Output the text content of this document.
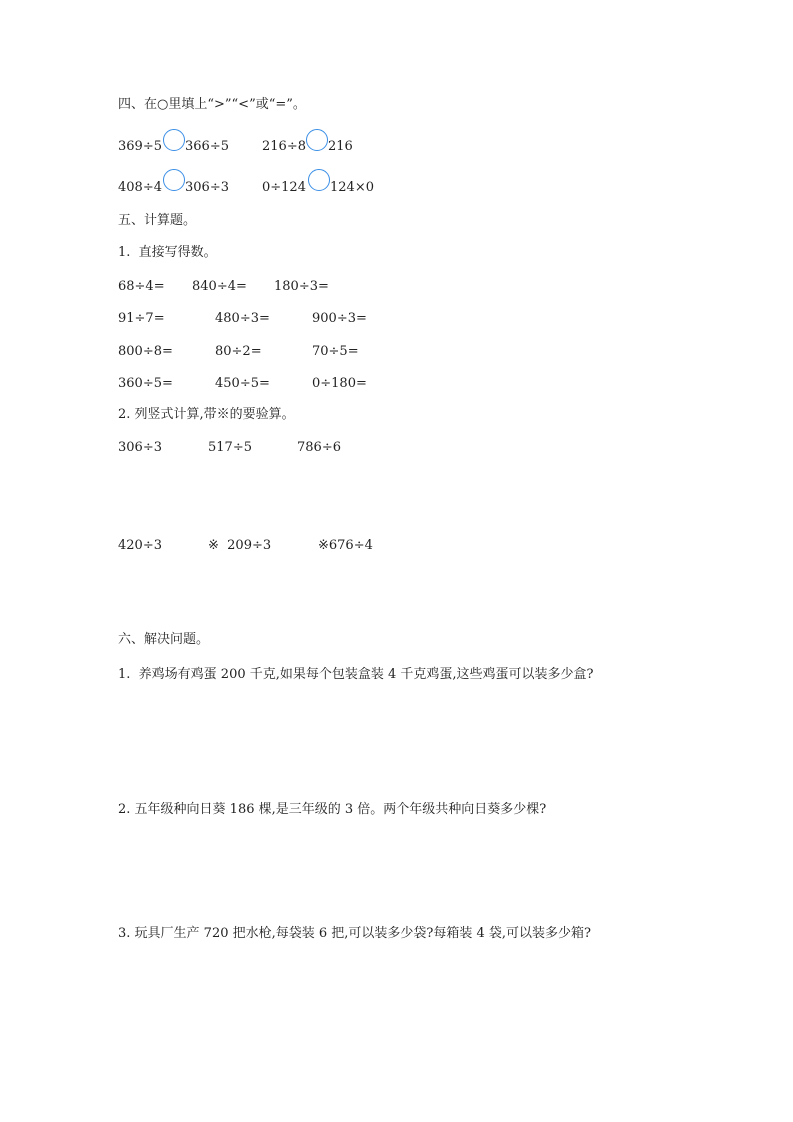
四、在○里填上“>”“<”或“=”。
369÷5 366÷5	216÷8 216
408÷4 306÷3	0÷124 124×0
五、计算题。
1.  直接写得数。
68÷4= 840÷4= 180÷3=
91÷7=	480÷3=	900÷3=
800÷8=	80÷2=	70÷5=
360÷5=	450÷5=	0÷180=
2. 列竖式计算,带※的要验算。
306÷3	517÷5	786÷6
420÷3	※  209÷3	※676÷4
六、解决问题。
1.  养鸡场有鸡蛋 200 千克,如果每个包装盒装 4 千克鸡蛋,这些鸡蛋可以装多少盒?
2. 五年级种向日葵 186 棵,是三年级的 3 倍。两个年级共种向日葵多少棵?
3. 玩具厂生产 720 把水枪,每袋装 6 把,可以装多少袋?每箱装 4 袋,可以装多少箱?
